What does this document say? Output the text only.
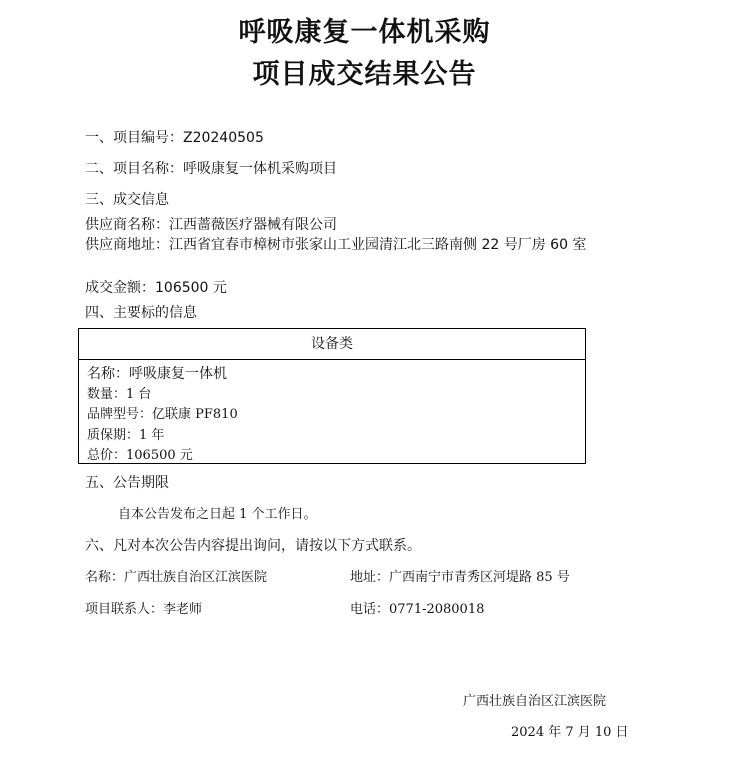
呼吸康复一体机采购
项目成交结果公告
一、项目编号：Z20240505
二、项目名称：呼吸康复一体机采购项目
三、成交信息
供应商名称：江西蔷薇医疗器械有限公司
供应商地址：江西省宜春市樟树市张家山工业园清江北三路南侧 22 号厂房 60 室
成交金额：106500 元
四、主要标的信息
设备类
名称：呼吸康复一体机
数量：1 台
品牌型号：亿联康 PF810
质保期：1 年
总价：106500 元
五、公告期限
自本公告发布之日起 1 个工作日。
六、凡对本次公告内容提出询问，请按以下方式联系。
名称：广西壮族自治区江滨医院	地址：广西南宁市青秀区河堤路 85 号
项目联系人：李老师	电话：0771-2080018
广西壮族自治区江滨医院
2024 年 7 月 10 日
